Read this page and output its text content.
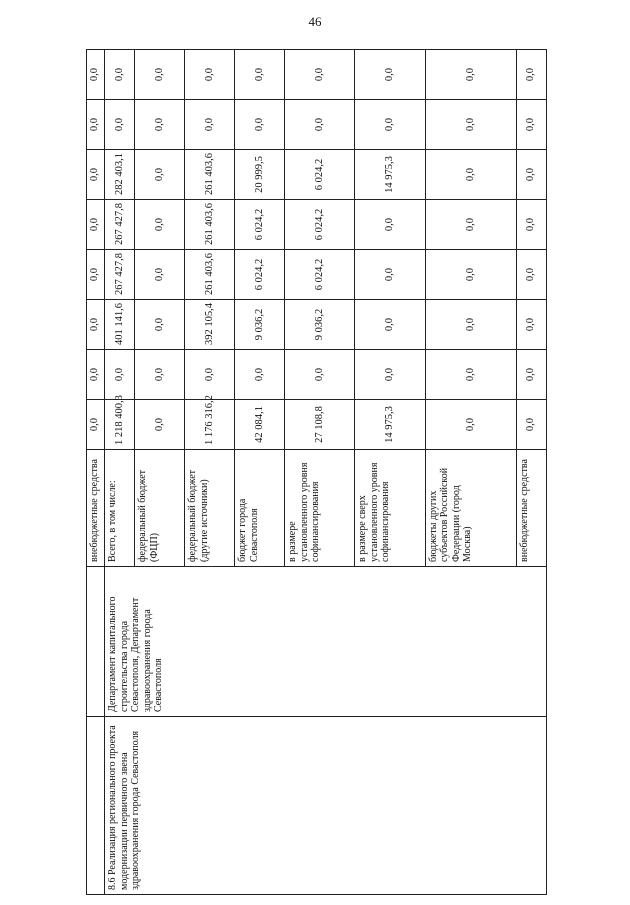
46
		внебюджетные средства	0,0	0,0	0,0	0,0	0,0	0,0	0,0	0,0
8.6 Реализация регионального проекта модернизации первичного звена здравоохранения города Севастополя	Департамент капитального строительства города Севастополя, Департамент здравоохранения города Севастополя	Всего, в том числе:	1 218 400,3	0,0	401 141,6	267 427,8	267 427,8	282 403,1	0,0	0,0
		федеральный бюджет (ФЦП)	0,0	0,0	0,0	0,0	0,0	0,0	0,0	0,0
		федеральный бюджет (другие источники)	1 176 316,2	0,0	392 105,4	261 403,6	261 403,6	261 403,6	0,0	0,0
		бюджет города Севастополя	42 084,1	0,0	9 036,2	6 024,2	6 024,2	20 999,5	0,0	0,0
		в размере установленного уровня софинансирования	27 108,8	0,0	9 036,2	6 024,2	6 024,2	6 024,2	0,0	0,0
		в размере сверх установленного уровня софинансирования	14 975,3	0,0	0,0	0,0	0,0	14 975,3	0,0	0,0
		бюджеты других субъектов Российской Федерации (город Москва)	0,0	0,0	0,0	0,0	0,0	0,0	0,0	0,0
		внебюджетные средства	0,0	0,0	0,0	0,0	0,0	0,0	0,0	0,0
